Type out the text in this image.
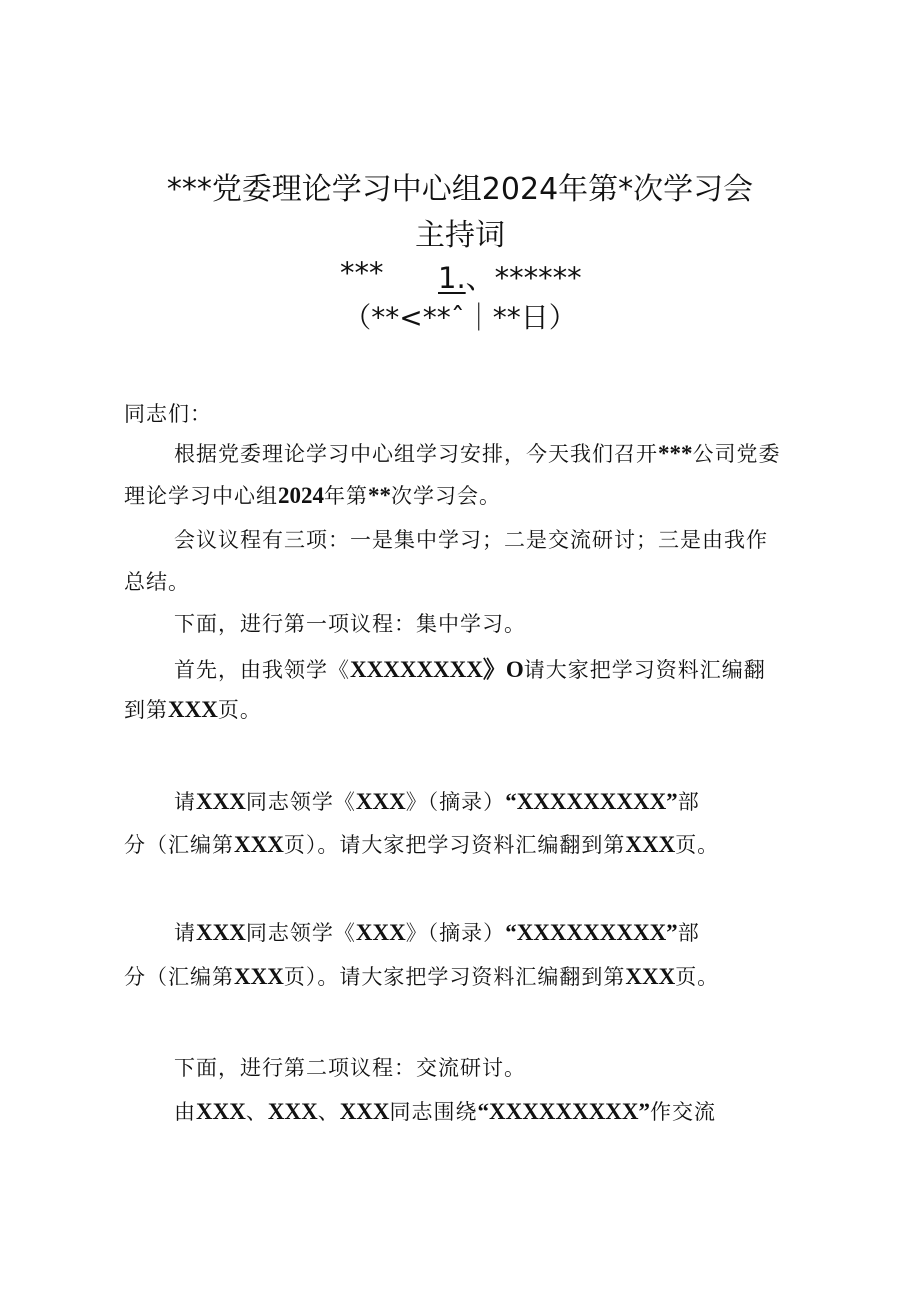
***党委理论学习中心组2024年第*次学习会
主持词
*** 1.、******
（**<**ˆ｜**日）
同志们：
根据党委理论学习中心组学习安排，今天我们召开***公司党委
理论学习中心组2024年第**次学习会。
会议议程有三项：一是集中学习；二是交流研讨；三是由我作
总结。
下面，进行第一项议程：集中学习。
首先，由我领学《XXXXXXXX》O请大家把学习资料汇编翻
到第XXX页。
请XXX同志领学《XXX》（摘录）“XXXXXXXXX”部
分（汇编第XXX页）。请大家把学习资料汇编翻到第XXX页。
请XXX同志领学《XXX》（摘录）“XXXXXXXXX”部
分（汇编第XXX页）。请大家把学习资料汇编翻到第XXX页。
下面，进行第二项议程：交流研讨。
由XXX、XXX、XXX同志围绕“XXXXXXXXX”作交流
